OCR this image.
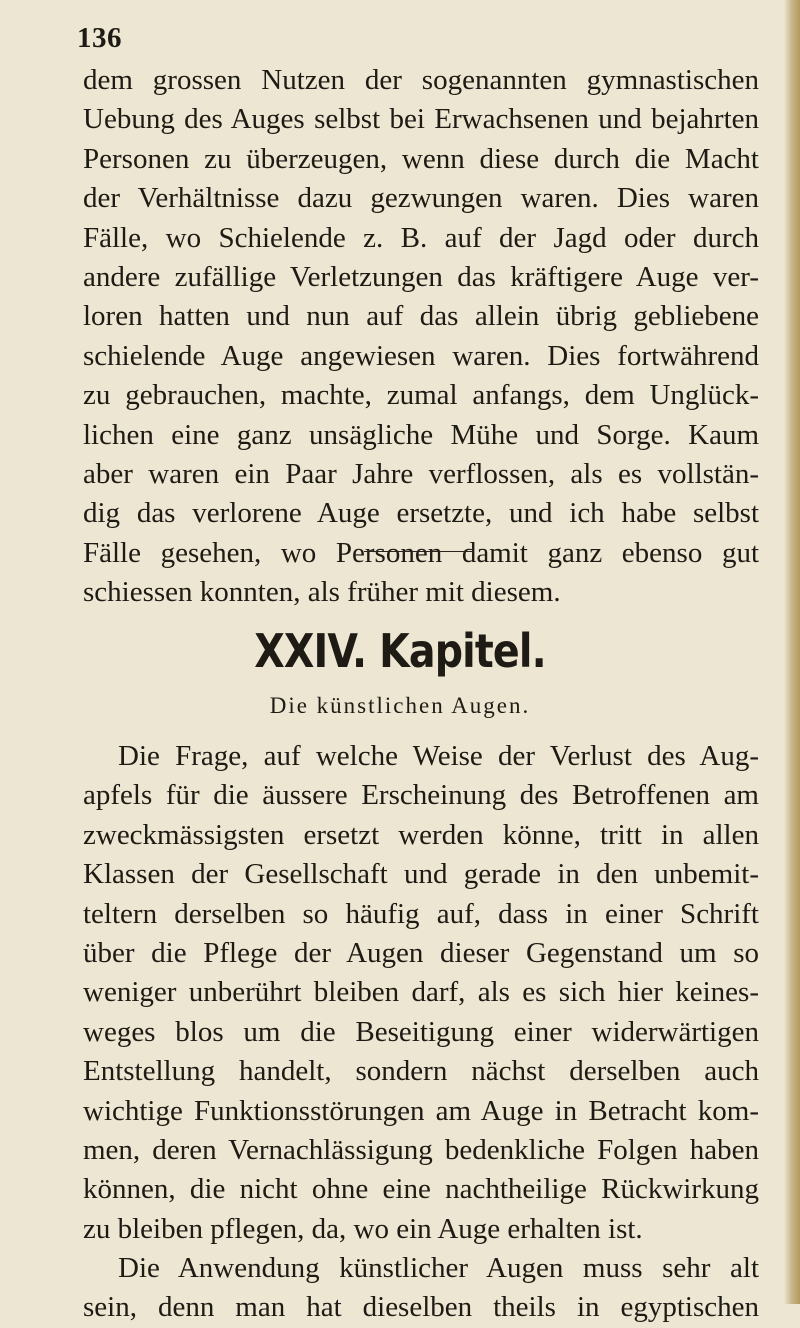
136
dem grossen Nutzen der sogenannten gymnastischen
Uebung des Auges selbst bei Erwachsenen und bejahrten
Personen zu überzeugen, wenn diese durch die Macht
der Verhältnisse dazu gezwungen waren. Dies waren
Fälle, wo Schielende z. B. auf der Jagd oder durch
andere zufällige Verletzungen das kräftigere Auge ver-
loren hatten und nun auf das allein übrig gebliebene
schielende Auge angewiesen waren. Dies fortwährend
zu gebrauchen, machte, zumal anfangs, dem Unglück-
lichen eine ganz unsägliche Mühe und Sorge. Kaum
aber waren ein Paar Jahre verflossen, als es vollstän-
dig das verlorene Auge ersetzte, und ich habe selbst
Fälle gesehen, wo Personen damit ganz ebenso gut
schiessen konnten, als früher mit diesem.
XXIV. Kapitel.
Die künstlichen Augen.
Die Frage, auf welche Weise der Verlust des Aug-
apfels für die äussere Erscheinung des Betroffenen am
zweckmässigsten ersetzt werden könne, tritt in allen
Klassen der Gesellschaft und gerade in den unbemit-
teltern derselben so häufig auf, dass in einer Schrift
über die Pflege der Augen dieser Gegenstand um so
weniger unberührt bleiben darf, als es sich hier keines-
weges blos um die Beseitigung einer widerwärtigen
Entstellung handelt, sondern nächst derselben auch
wichtige Funktionsstörungen am Auge in Betracht kom-
men, deren Vernachlässigung bedenkliche Folgen haben
können, die nicht ohne eine nachtheilige Rückwirkung
zu bleiben pflegen, da, wo ein Auge erhalten ist.
Die Anwendung künstlicher Augen muss sehr alt
sein, denn man hat dieselben theils in egyptischen
